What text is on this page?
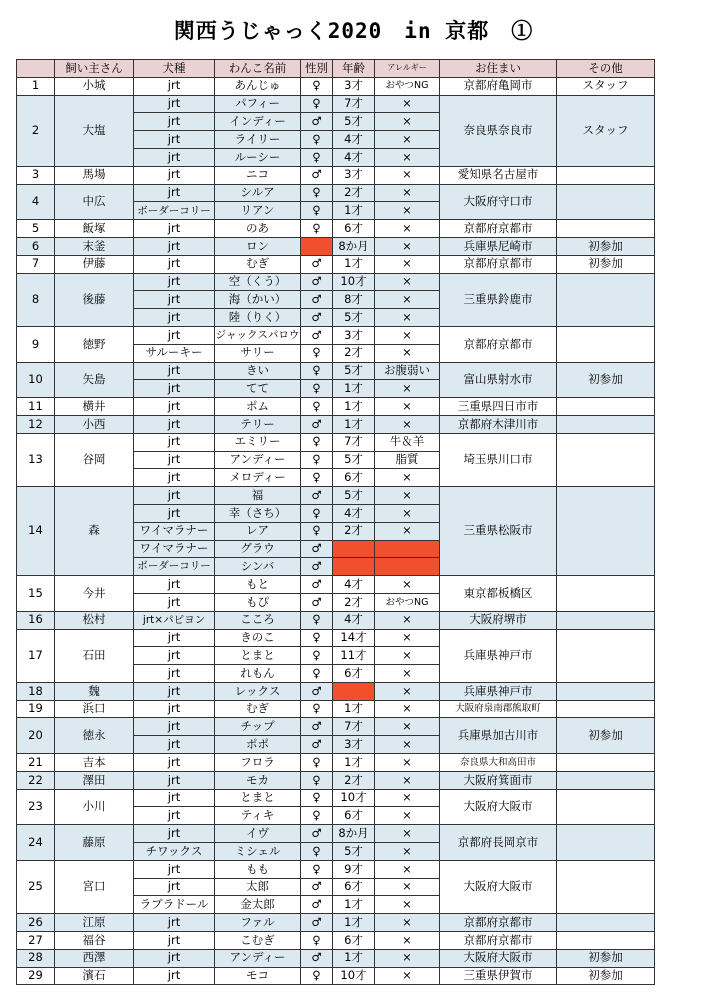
関西うじゃっく2020　in 京都　①
	飼い主さん	犬種	わんこ名前	性別	年齢	アレルギー	お住まい	その他
1	小城	jrt	あんじゅ	♀	3才	おやつNG	京都府亀岡市	スタッフ
2	大塩	jrt	パフィー	♀	7才	×	奈良県奈良市	スタッフ
		jrt	インディー	♂	5才	×		
		jrt	ライリー	♀	4才	×		
		jrt	ルーシー	♀	4才	×		
3	馬場	jrt	ニコ	♂	3才	×	愛知県名古屋市	
4	中広	jrt	シルア	♀	2才	×	大阪府守口市	
		ボーダーコリー	リアン	♀	1才	×		
5	飯塚	jrt	のあ	♀	6才	×	京都府京都市	
6	末釜	jrt	ロン		8か月	×	兵庫県尼崎市	初参加
7	伊藤	jrt	むぎ	♂	1才	×	京都府京都市	初参加
8	後藤	jrt	空（くう）	♂	10才	×	三重県鈴鹿市	
		jrt	海（かい）	♂	8才	×		
		jrt	陸（りく）	♂	5才	×		
9	徳野	jrt	ジャックスパロウ	♂	3才	×	京都府京都市	
		サルーキー	サリー	♀	2才	×		
10	矢島	jrt	きい	♀	5才	お腹弱い	富山県射水市	初参加
		jrt	てて	♀	1才	×		
11	横井	jrt	ポム	♀	1才	×	三重県四日市市	
12	小西	jrt	テリー	♂	1才	×	京都府木津川市	
13	谷岡	jrt	エミリー	♀	7才	牛＆羊	埼玉県川口市	
		jrt	アンディー	♀	5才	脂質		
		jrt	メロディー	♀	6才	×		
14	森	jrt	福	♂	5才	×	三重県松阪市	
		jrt	幸（さち）	♀	4才	×		
		ワイマラナー	レア	♀	2才	×		
		ワイマラナー	グラウ	♂				
		ボーダーコリー	シンバ	♂				
15	今井	jrt	もと	♂	4才	×	東京都板橋区	
		jrt	もぴ	♂	2才	おやつNG		
16	松村	jrt×パピヨン	こころ	♀	4才	×	大阪府堺市	
17	石田	jrt	きのこ	♀	14才	×	兵庫県神戸市	
		jrt	とまと	♀	11才	×		
		jrt	れもん	♀	6才	×		
18	魏	jrt	レックス	♂		×	兵庫県神戸市	
19	浜口	jrt	むぎ	♀	1才	×	大阪府泉南郡熊取町	
20	徳永	jrt	チップ	♂	7才	×	兵庫県加古川市	初参加
		jrt	ポポ	♂	3才	×		
21	吉本	jrt	フロラ	♀	1才	×	奈良県大和高田市	
22	澤田	jrt	モカ	♀	2才	×	大阪府箕面市	
23	小川	jrt	とまと	♀	10才	×	大阪府大阪市	
		jrt	ティキ	♀	6才	×		
24	藤原	jrt	イヴ	♂	8か月	×	京都府長岡京市	
		チワックス	ミシェル	♀	5才	×		
25	宮口	jrt	もも	♀	9才	×	大阪府大阪市	
		jrt	太郎	♂	6才	×		
		ラブラドール	金太郎	♂	1才	×		
26	江原	jrt	ファル	♂	1才	×	京都府京都市	
27	福谷	jrt	こむぎ	♀	6才	×	京都府京都市	
28	西澤	jrt	アンディー	♂	1才	×	大阪府大阪市	初参加
29	濱石	jrt	モコ	♀	10才	×	三重県伊賀市	初参加
